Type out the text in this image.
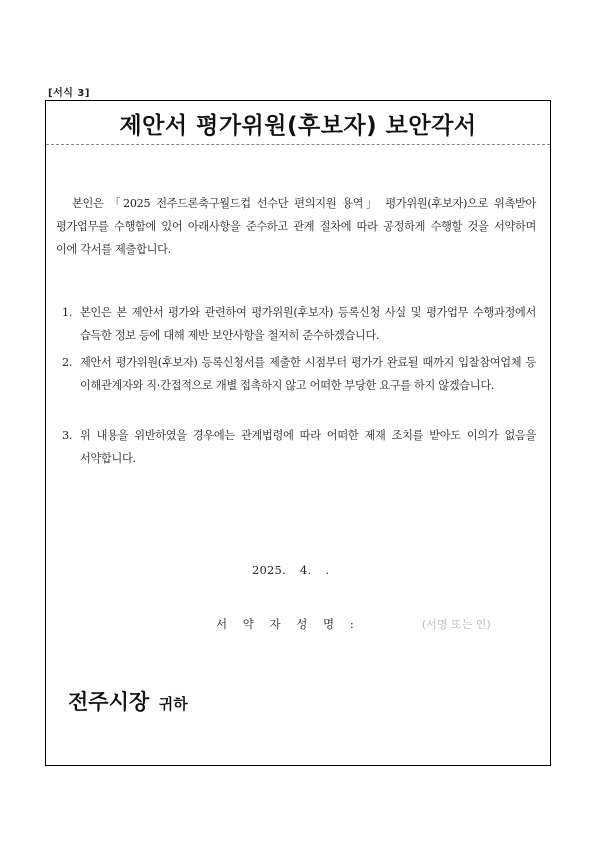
[서식 3]
제안서 평가위원(후보자) 보안각서

본인은 「2025 전주드론축구월드컵 선수단 편의지원 용역」 평가위원(후보자)으로 위촉받아 평가업무를 수행함에 있어 아래사항을 준수하고 관계 절차에 따라 공정하게 수행할 것을 서약하며 이에 각서를 제출합니다.

1. 본인은 본 제안서 평가와 관련하여 평가위원(후보자) 등록신청 사실 및 평가업무 수행과정에서 습득한 정보 등에 대해 제반 보안사항을 철저히 준수하겠습니다.
2. 제안서 평가위원(후보자) 등록신청서를 제출한 시점부터 평가가 완료될 때까지 입찰참여업체 등 이해관계자와 직·간접적으로 개별 접촉하지 않고 어떠한 부당한 요구를 하지 않겠습니다.
3. 위 내용을 위반하였을 경우에는 관계법령에 따라 어떠한 제재 조치를 받아도 이의가 없음을 서약합니다.
2025. 4. .
서 약 자 성 명 :	(서명 또는 인)
전주시장 귀하
